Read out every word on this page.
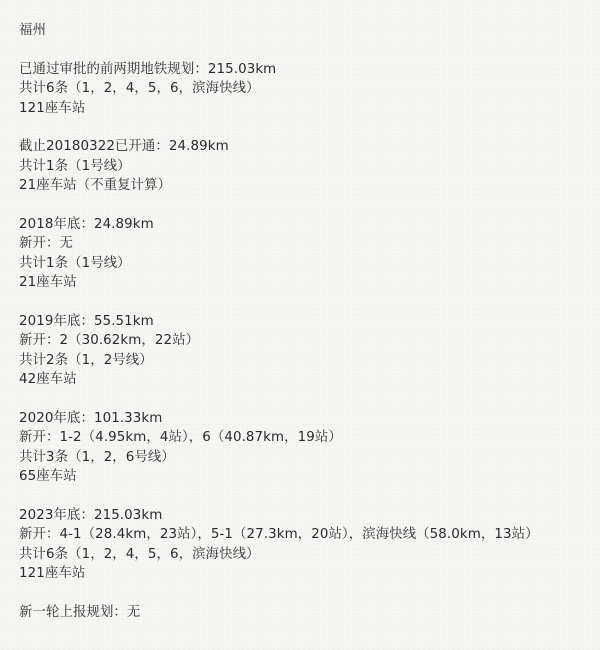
福州
已通过审批的前两期地铁规划：215.03km
共计6条（1，2，4，5，6，滨海快线）
121座车站
截止20180322已开通：24.89km
共计1条（1号线）
21座车站（不重复计算）
2018年底：24.89km
新开：无
共计1条（1号线）
21座车站
2019年底：55.51km
新开：2（30.62km，22站）
共计2条（1，2号线）
42座车站
2020年底：101.33km
新开：1-2（4.95km，4站），6（40.87km，19站）
共计3条（1，2，6号线）
65座车站
2023年底：215.03km
新开：4-1（28.4km，23站），5-1（27.3km，20站），滨海快线（58.0km，13站）
共计6条（1，2，4，5，6，滨海快线）
121座车站
新一轮上报规划：无
